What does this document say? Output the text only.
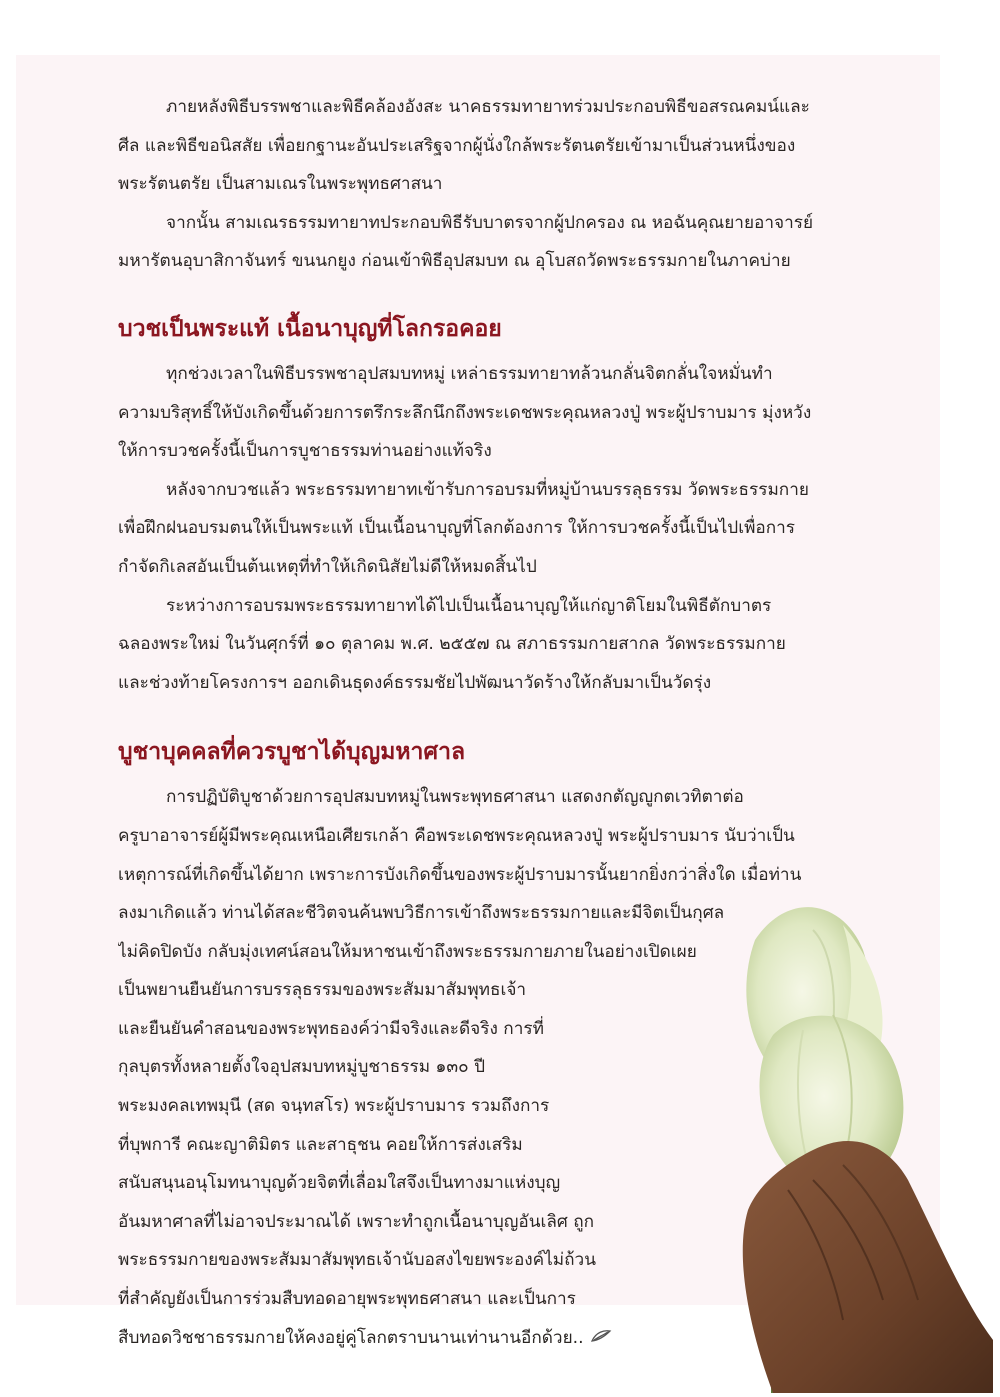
ภายหลังพิธีบรรพชาและพิธีคล้องอังสะ นาคธรรมทายาทร่วมประกอบพิธีขอสรณคมน์และ
ศีล และพิธีขอนิสสัย เพื่อยกฐานะอันประเสริฐจากผู้นั่งใกล้พระรัตนตรัยเข้ามาเป็นส่วนหนึ่งของ
พระรัตนตรัย เป็นสามเณรในพระพุทธศาสนา
จากนั้น สามเณรธรรมทายาทประกอบพิธีรับบาตรจากผู้ปกครอง ณ หอฉันคุณยายอาจารย์
มหารัตนอุบาสิกาจันทร์ ขนนกยูง ก่อนเข้าพิธีอุปสมบท ณ อุโบสถวัดพระธรรมกายในภาคบ่าย
บวชเป็นพระแท้ เนื้อนาบุญที่โลกรอคอย
ทุกช่วงเวลาในพิธีบรรพชาอุปสมบทหมู่ เหล่าธรรมทายาทล้วนกลั่นจิตกลั่นใจหมั่นทำ
ความบริสุทธิ์ให้บังเกิดขึ้นด้วยการตรึกระลึกนึกถึงพระเดชพระคุณหลวงปู่ พระผู้ปราบมาร มุ่งหวัง
ให้การบวชครั้งนี้เป็นการบูชาธรรมท่านอย่างแท้จริง
หลังจากบวชแล้ว พระธรรมทายาทเข้ารับการอบรมที่หมู่บ้านบรรลุธรรม วัดพระธรรมกาย
เพื่อฝึกฝนอบรมตนให้เป็นพระแท้ เป็นเนื้อนาบุญที่โลกต้องการ ให้การบวชครั้งนี้เป็นไปเพื่อการ
กำจัดกิเลสอันเป็นต้นเหตุที่ทำให้เกิดนิสัยไม่ดีให้หมดสิ้นไป
ระหว่างการอบรมพระธรรมทายาทได้ไปเป็นเนื้อนาบุญให้แก่ญาติโยมในพิธีตักบาตร
ฉลองพระใหม่ ในวันศุกร์ที่ ๑๐ ตุลาคม พ.ศ. ๒๕๕๗ ณ สภาธรรมกายสากล วัดพระธรรมกาย
และช่วงท้ายโครงการฯ ออกเดินธุดงค์ธรรมชัยไปพัฒนาวัดร้างให้กลับมาเป็นวัดรุ่ง
บูชาบุคคลที่ควรบูชาได้บุญมหาศาล
การปฏิบัติบูชาด้วยการอุปสมบทหมู่ในพระพุทธศาสนา แสดงกตัญญูกตเวทิตาต่อ
ครูบาอาจารย์ผู้มีพระคุณเหนือเศียรเกล้า คือพระเดชพระคุณหลวงปู่ พระผู้ปราบมาร นับว่าเป็น
เหตุการณ์ที่เกิดขึ้นได้ยาก เพราะการบังเกิดขึ้นของพระผู้ปราบมารนั้นยากยิ่งกว่าสิ่งใด เมื่อท่าน
ลงมาเกิดแล้ว ท่านได้สละชีวิตจนค้นพบวิธีการเข้าถึงพระธรรมกายและมีจิตเป็นกุศล
ไม่คิดปิดบัง กลับมุ่งเทศน์สอนให้มหาชนเข้าถึงพระธรรมกายภายในอย่างเปิดเผย
เป็นพยานยืนยันการบรรลุธรรมของพระสัมมาสัมพุทธเจ้า
และยืนยันคำสอนของพระพุทธองค์ว่ามีจริงและดีจริง การที่
กุลบุตรทั้งหลายตั้งใจอุปสมบทหมู่บูชาธรรม ๑๓๐ ปี
พระมงคลเทพมุนี (สด จนฺทสโร) พระผู้ปราบมาร รวมถึงการ
ที่บุพการี คณะญาติมิตร และสาธุชน คอยให้การส่งเสริม
สนับสนุนอนุโมทนาบุญด้วยจิตที่เลื่อมใสจึงเป็นทางมาแห่งบุญ
อันมหาศาลที่ไม่อาจประมาณได้ เพราะทำถูกเนื้อนาบุญอันเลิศ ถูก
พระธรรมกายของพระสัมมาสัมพุทธเจ้านับอสงไขยพระองค์ไม่ถ้วน
ที่สำคัญยังเป็นการร่วมสืบทอดอายุพระพุทธศาสนา และเป็นการ
สืบทอดวิชชาธรรมกายให้คงอยู่คู่โลกตราบนานเท่านานอีกด้วย..
